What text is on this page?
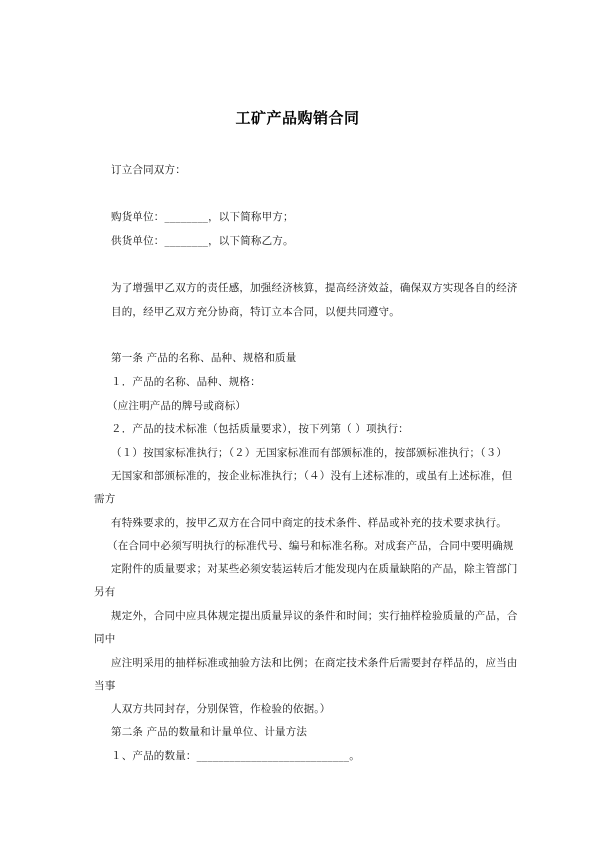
工矿产品购销合同
订立合同双方：
购货单位：________，以下简称甲方；
供货单位：________，以下简称乙方。
为了增强甲乙双方的责任感，加强经济核算，提高经济效益，确保双方实现各自的经济
目的，经甲乙双方充分协商，特订立本合同，以便共同遵守。
第一条 产品的名称、品种、规格和质量
１．产品的名称、品种、规格：
（应注明产品的牌号或商标）
２．产品的技术标准（包括质量要求），按下列第（ ）项执行：
（１）按国家标准执行；（２）无国家标准而有部颁标准的，按部颁标准执行；（３）
无国家和部颁标准的，按企业标准执行；（４）没有上述标准的，或虽有上述标准，但
需方
有特殊要求的，按甲乙双方在合同中商定的技术条件、样品或补充的技术要求执行。
（在合同中必须写明执行的标准代号、编号和标准名称。对成套产品，合同中要明确规
定附件的质量要求；对某些必须安装运转后才能发现内在质量缺陷的产品，除主管部门
另有
规定外，合同中应具体规定提出质量异议的条件和时间；实行抽样检验质量的产品，合
同中
应注明采用的抽样标准或抽验方法和比例；在商定技术条件后需要封存样品的，应当由
当事
人双方共同封存，分别保管，作检验的依据。）
第二条 产品的数量和计量单位、计量方法
１、产品的数量：____________________________。
